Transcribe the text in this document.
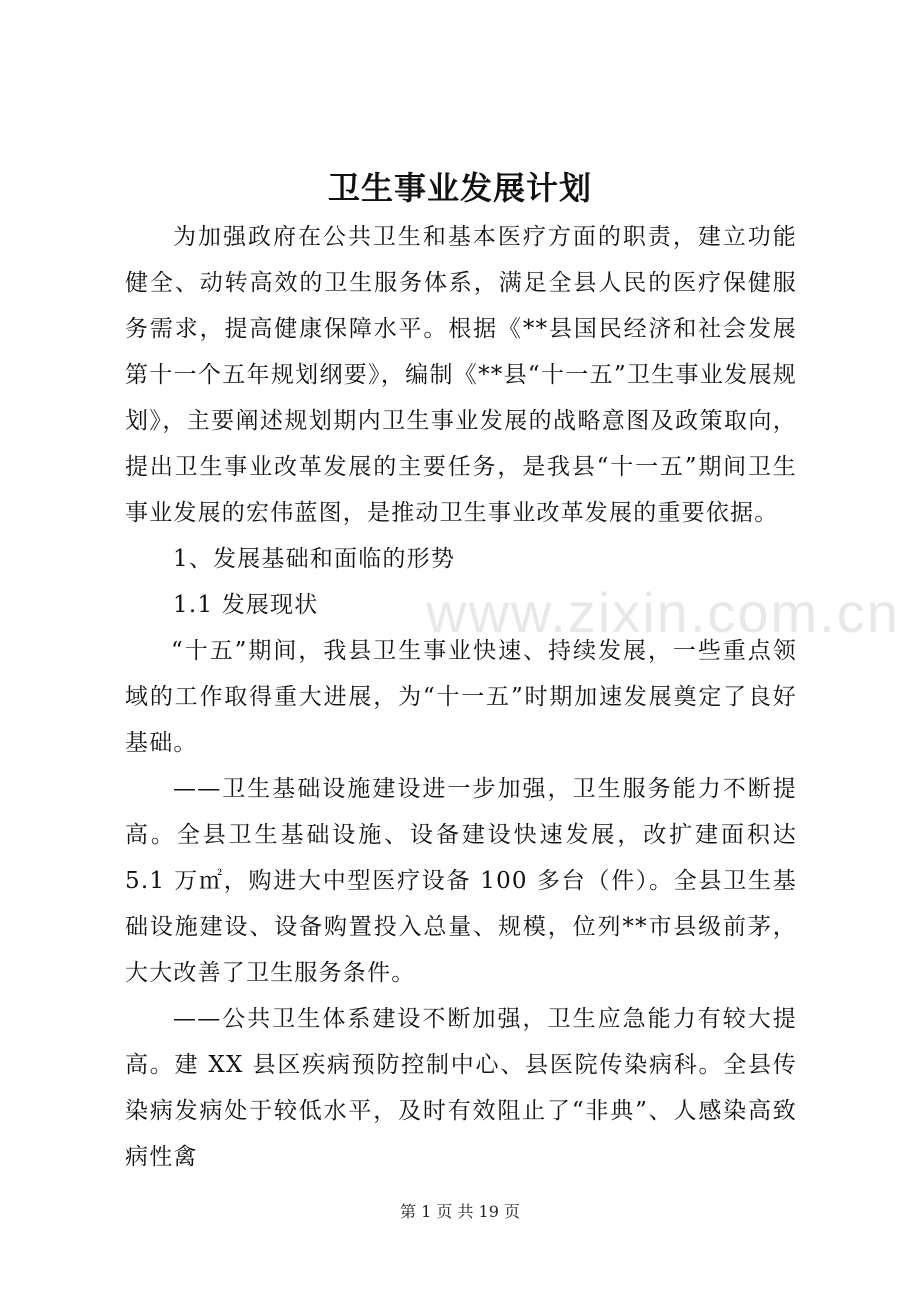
卫生事业发展计划

为加强政府在公共卫生和基本医疗方面的职责，建立功能健全、动转高效的卫生服务体系，满足全县人民的医疗保健服务需求，提高健康保障水平。根据《**县国民经济和社会发展第十一个五年规划纲要》，编制《**县“十一五”卫生事业发展规划》，主要阐述规划期内卫生事业发展的战略意图及政策取向，提出卫生事业改革发展的主要任务，是我县“十一五”期间卫生事业发展的宏伟蓝图，是推动卫生事业改革发展的重要依据。

1、发展基础和面临的形势

1.1 发展现状

“十五”期间，我县卫生事业快速、持续发展，一些重点领域的工作取得重大进展，为“十一五”时期加速发展奠定了良好基础。

——卫生基础设施建设进一步加强，卫生服务能力不断提高。全县卫生基础设施、设备建设快速发展，改扩建面积达 5.1 万㎡，购进大中型医疗设备 100 多台（件）。全县卫生基础设施建设、设备购置投入总量、规模，位列**市县级前茅，大大改善了卫生服务条件。

——公共卫生体系建设不断加强，卫生应急能力有较大提高。建 XX 县区疾病预防控制中心、县医院传染病科。全县传染病发病处于较低水平，及时有效阻止了“非典”、人感染高致病性禽

www.zixin.com.cn
第 1 页 共 19 页
